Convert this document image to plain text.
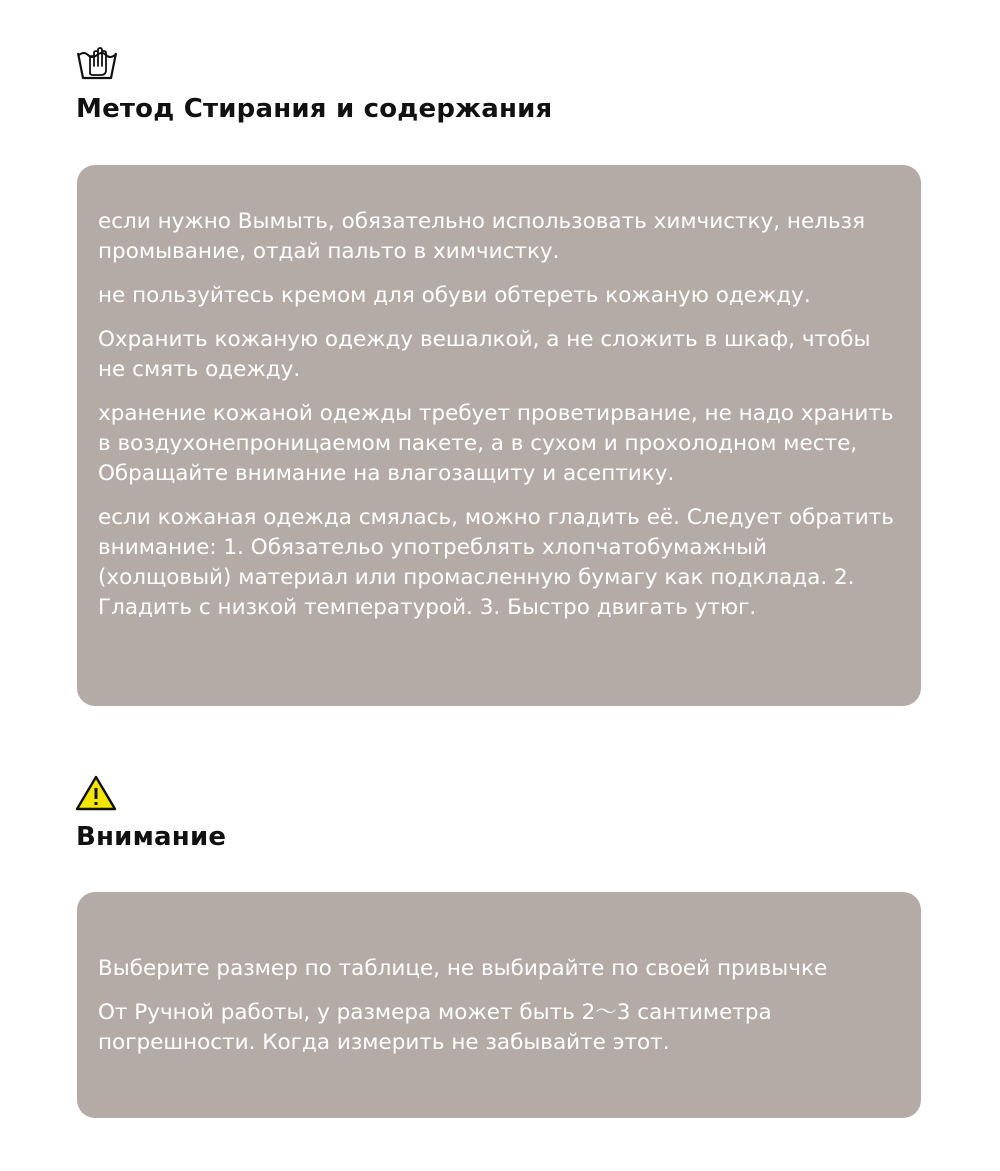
Метод Стирания и содержания

если нужно Вымыть, обязательно использовать химчистку, нельзя промывание, отдай пальто в химчистку.

не пользуйтесь кремом для обуви обтереть кожаную одежду.

Охранить кожаную одежду вешалкой, а не сложить в шкаф, чтобы не смять одежду.

хранение кожаной одежды требует проветирвание, не надо хранить в воздухонепроницаемом пакете, а в сухом и прохолодном месте, Обращайте внимание на влагозащиту и асептику.

если кожаная одежда смялась, можно гладить её. Следует обратить внимание: 1. Обязательо употреблять хлопчатобумажный (холщовый) материал или промасленную бумагу как подклада. 2. Гладить с низкой температурой. 3. Быстро двигать утюг.

Внимание

Выберите размер по таблице, не выбирайте по своей привычке

От Ручной работы, у размера может быть 2〜3 сантиметра погрешности. Когда измерить не забывайте этот.
